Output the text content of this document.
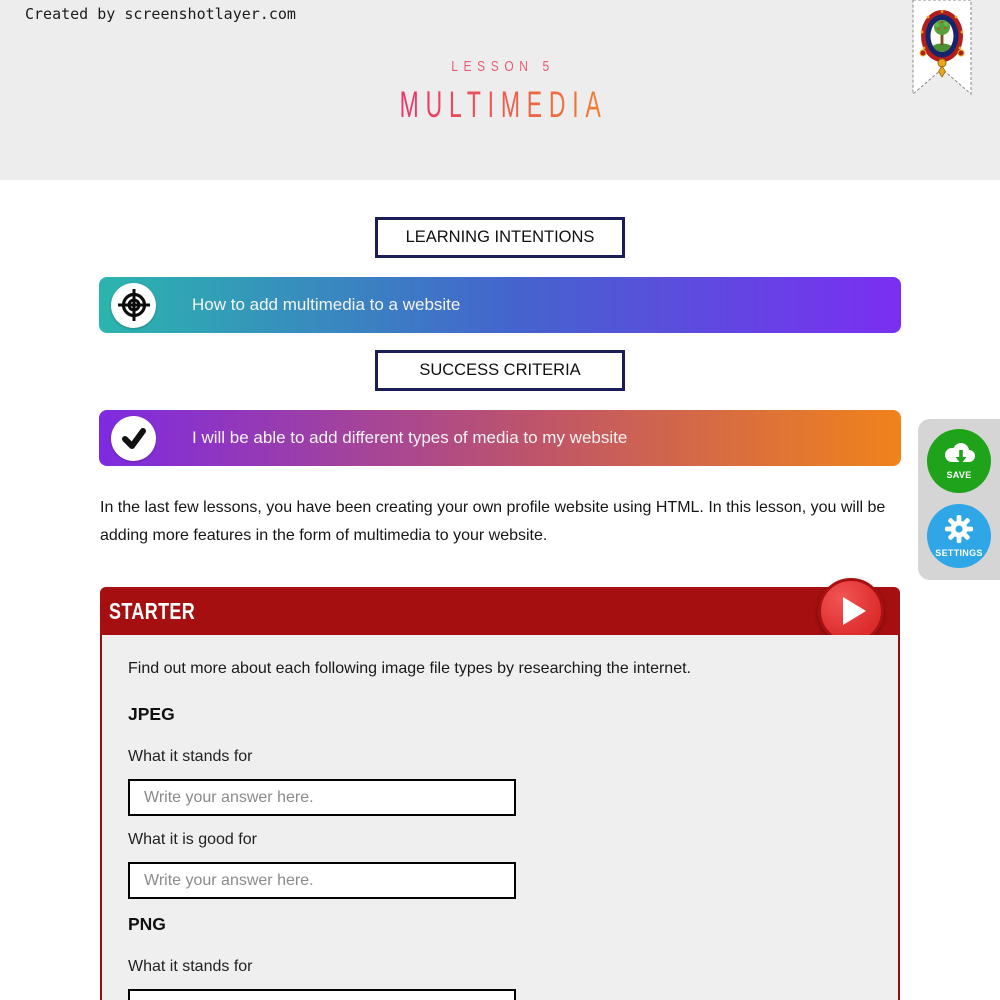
Created by screenshotlayer.com
LESSON 5
MULTIMEDIA
LEARNING INTENTIONS
How to add multimedia to a website
SUCCESS CRITERIA
I will be able to add different types of media to my website

In the last few lessons, you have been creating your own profile website using HTML. In this lesson, you will be adding more features in the form of multimedia to your website.

SAVE
SETTINGS
STARTER

Find out more about each following image file types by researching the internet.

JPEG
What it stands for
Write your answer here.
What it is good for
Write your answer here.
PNG
What it stands for
Write your answer here.
